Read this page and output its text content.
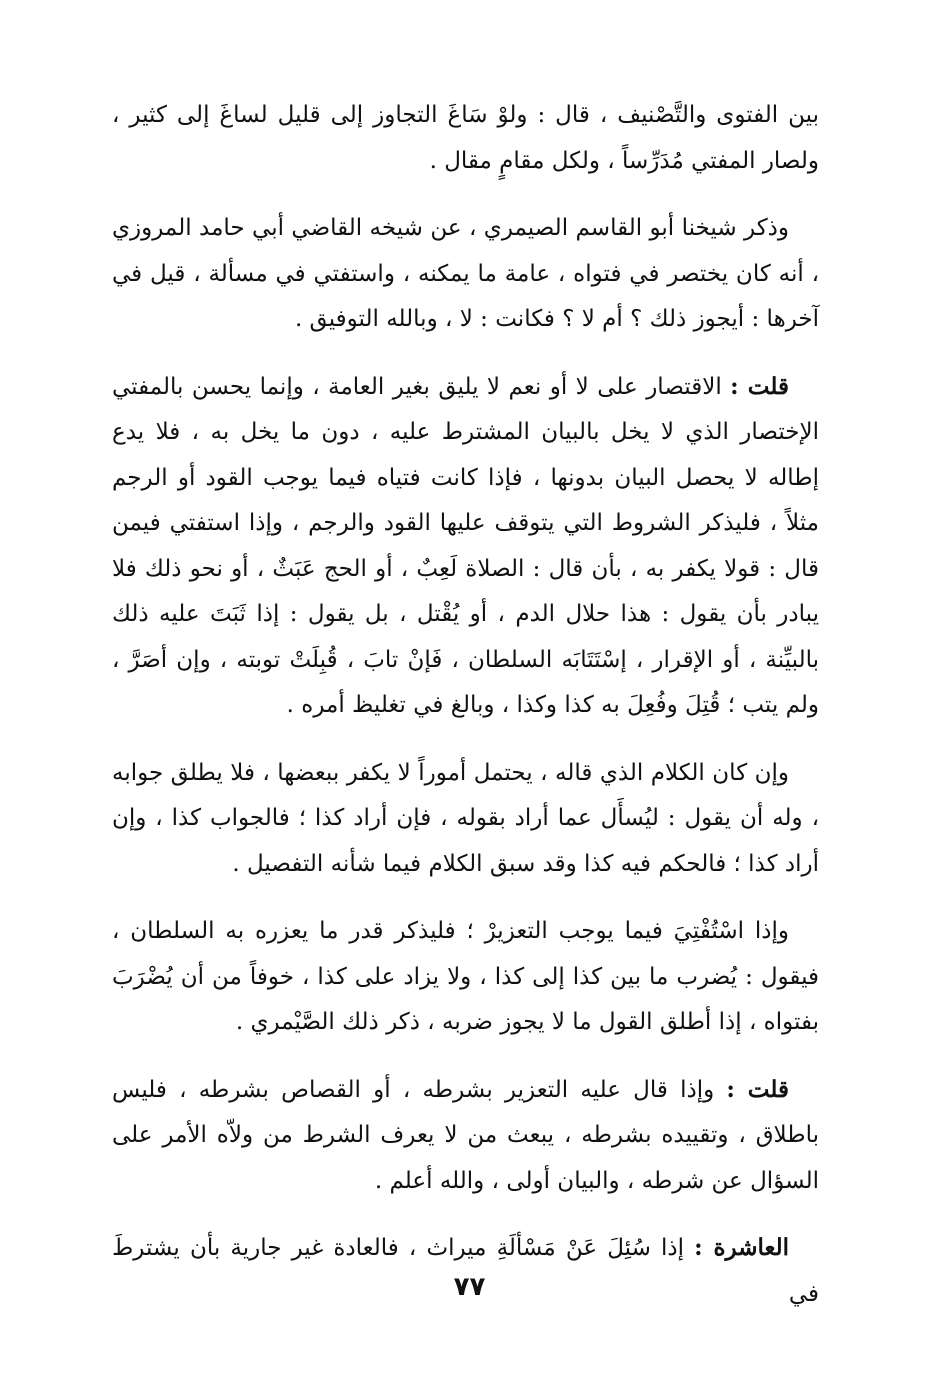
بين الفتوى والتَّصْنيف ، قال : ولوْ سَاغَ التجاوز إلى قليل لساغَ إلى كثير ، ولصار المفتي مُدَرِّساً ، ولكل مقامٍ مقال .

وذكر شيخنا أبو القاسم الصيمري ، عن شيخه القاضي أبي حامد المروزي ، أنه كان يختصر في فتواه ، عامة ما يمكنه ، واستفتي في مسألة ، قيل في آخرها : أيجوز ذلك ؟ أم لا ؟ فكانت : لا ، وبالله التوفيق .

قلت : الاقتصار على لا أو نعم لا يليق بغير العامة ، وإنما يحسن بالمفتي الإختصار الذي لا يخل بالبيان المشترط عليه ، دون ما يخل به ، فلا يدع إطاله لا يحصل البيان بدونها ، فإذا كانت فتياه فيما يوجب القود أو الرجم مثلاً ، فليذكر الشروط التي يتوقف عليها القود والرجم ، وإذا استفتي فيمن قال : قولا يكفر به ، بأن قال : الصلاة لَعِبٌ ، أو الحج عَبَثٌ ، أو نحو ذلك فلا يبادر بأن يقول : هذا حلال الدم ، أو يُقْتل ، بل يقول : إذا ثَبَتَ عليه ذلك بالبيِّنة ، أو الإقرار ، إسْتَتَابَه السلطان ، فَإنْ تابَ ، قُبِلَتْ توبته ، وإن أصَرَّ ، ولم يتب ؛ قُتِلَ وفُعِلَ به كذا وكذا ، وبالغ في تغليظ أمره .

وإن كان الكلام الذي قاله ، يحتمل أموراً لا يكفر ببعضها ، فلا يطلق جوابه ، وله أن يقول : ليُسأَل عما أراد بقوله ، فإن أراد كذا ؛ فالجواب كذا ، وإن أراد كذا ؛ فالحكم فيه كذا وقد سبق الكلام فيما شأنه التفصيل .

وإذا اسْتُفْتِيَ فيما يوجب التعزيرْ ؛ فليذكر قدر ما يعزره به السلطان ، فيقول : يُضرب ما بين كذا إلى كذا ، ولا يزاد على كذا ، خوفاً من أن يُضْرَبَ بفتواه ، إذا أطلق القول ما لا يجوز ضربه ، ذكر ذلك الصَّيْمري .

قلت : وإذا قال عليه التعزير بشرطه ، أو القصاص بشرطه ، فليس باطلاق ، وتقييده بشرطه ، يبعث من لا يعرف الشرط من ولاّه الأمر على السؤال عن شرطه ، والبيان أولى ، والله أعلم .

العاشرة : إذا سُئِلَ عَنْ مَسْألَةِ ميراث ، فالعادة غير جارية بأن يشترطَ في

٧٧
